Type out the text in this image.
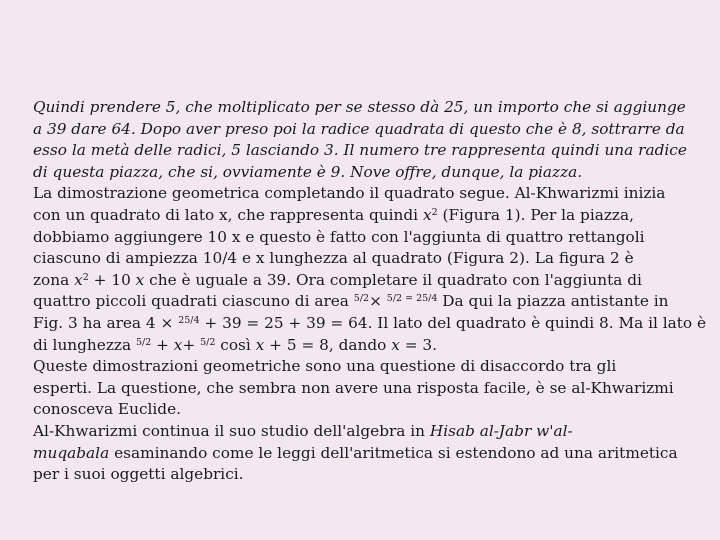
Quindi prendere 5, che moltiplicato per se stesso dà 25, un importo che si aggiunge
a 39 dare 64. Dopo aver preso poi la radice quadrata di questo che è 8, sottrarre da
esso la metà delle radici, 5 lasciando 3. Il numero tre rappresenta quindi una radice
di questa piazza, che si, ovviamente è 9. Nove offre, dunque, la piazza.
La dimostrazione geometrica completando il quadrato segue. Al-Khwarizmi inizia
con un quadrato di lato x, che rappresenta quindi $x^2$ (Figura 1). Per la piazza,
dobbiamo aggiungere 10 x e questo è fatto con l'aggiunta di quattro rettangoli
ciascuno di ampiezza 10/4 e x lunghezza al quadrato (Figura 2). La figura 2 è
zona $x^2 + 10$ x che è uguale a 39. Ora completare il quadrato con l'aggiunta di
quattro piccoli quadrati ciascuno di area $^{5/2}$× $^{5/2}$ = $^{25/4}$ Da qui la piazza antistante in
Fig. 3 ha area 4 × $^{25/4}$ + 39 = 25 + 39 = 64. Il lato del quadrato è quindi 8. Ma il lato è
di lunghezza $^{5/2}$ + x+ $^{5/2}$ così x + 5 = 8, dando x = 3.
Queste dimostrazioni geometriche sono una questione di disaccordo tra gli
esperti. La questione, che sembra non avere una risposta facile, è se al-Khwarizmi
conosceva Euclide.
Al-Khwarizmi continua il suo studio dell'algebra in Hisab al-Jabr w'al-
muqabala esaminando come le leggi dell'aritmetica si estendono ad una aritmetica
per i suoi oggetti algebrici.
